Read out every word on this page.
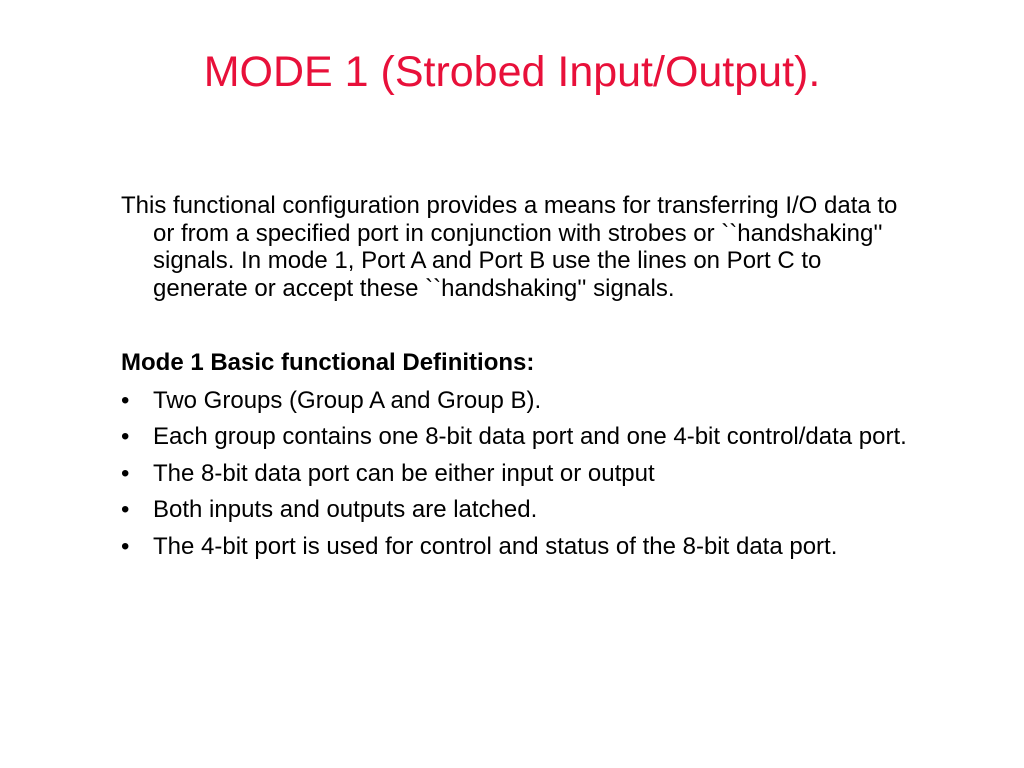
MODE 1 (Strobed Input/Output).

This functional configuration provides a means for transferring I/O data to or from a specified port in conjunction with strobes or ``handshaking'' signals. In mode 1, Port A and Port B use the lines on Port C to generate or accept these ``handshaking'' signals.

Mode 1 Basic functional Definitions:

• Two Groups (Group A and Group B).
• Each group contains one 8-bit data port and one 4-bit control/data port.
• The 8-bit data port can be either input or output
• Both inputs and outputs are latched.
• The 4-bit port is used for control and status of the 8-bit data port.
